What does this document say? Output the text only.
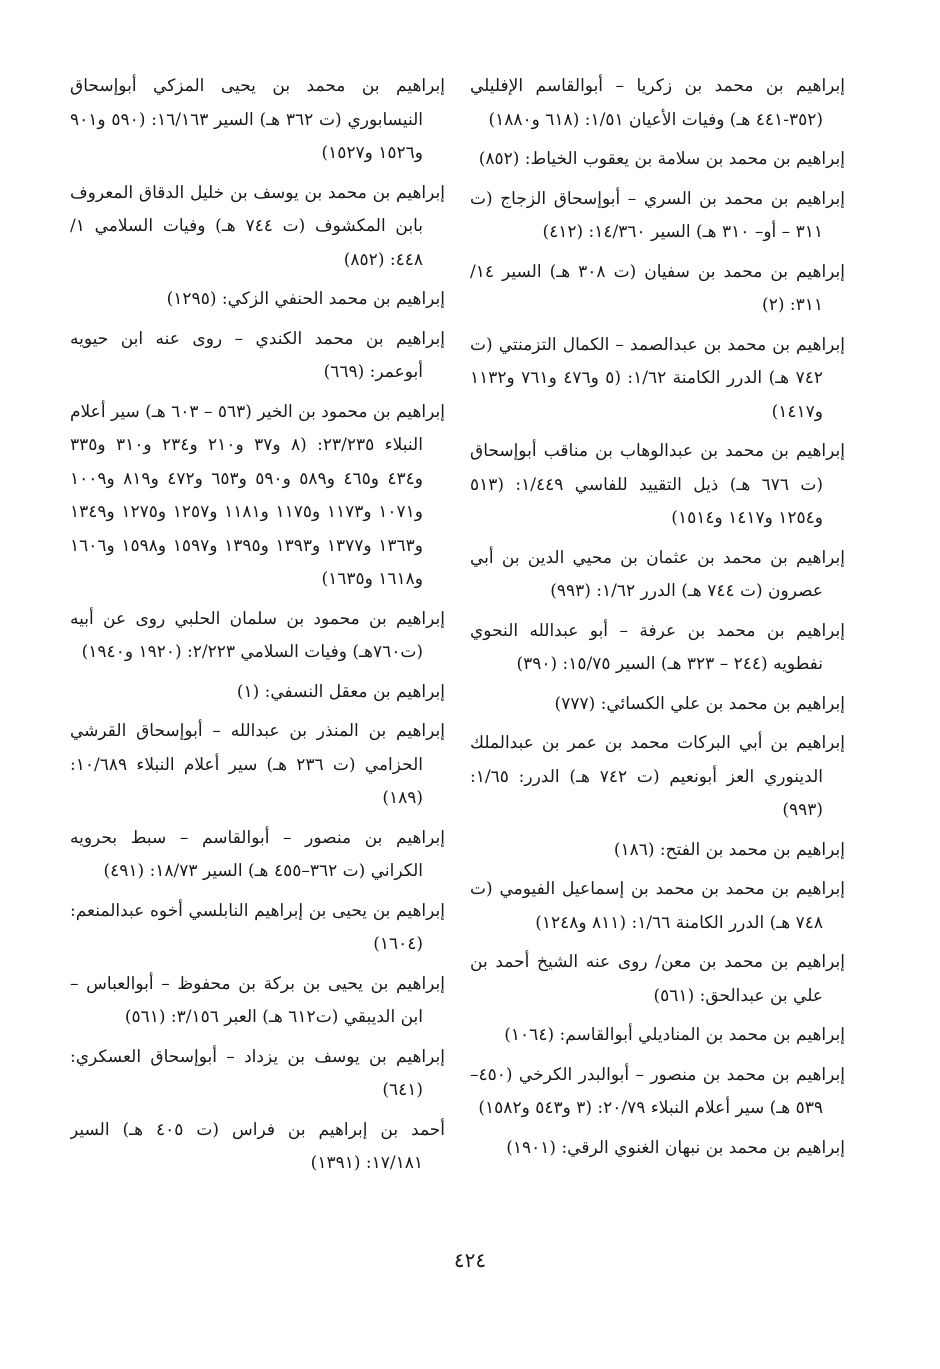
إبراهيم بن محمد بن زكريا – أبوالقاسم الإفليلي (٣٥٢-٤٤١ هـ) وفيات الأعيان ١/٥١: (٦١٨ و١٨٨٠)

إبراهيم بن محمد بن سلامة بن يعقوب الخياط: (٨٥٢)

إبراهيم بن محمد بن السري – أبوإسحاق الزجاج (ت ٣١١ – أو– ٣١٠ هـ) السير ١٤/٣٦٠: (٤١٢)

إبراهيم بن محمد بن سفيان (ت ٣٠٨ هـ) السير ١٤/ ٣١١: (٢)

إبراهيم بن محمد بن عبدالصمد – الكمال التزمنتي (ت ٧٤٢ هـ) الدرر الكامنة ١/٦٢: (٥ و٤٧٦ و٧٦١ و١١٣٢ و١٤١٧)

إبراهيم بن محمد بن عبدالوهاب بن مناقب أبوإسحاق (ت ٦٧٦ هـ) ذيل التقييد للفاسي ١/٤٤٩: (٥١٣ و١٢٥٤ و١٤١٧ و١٥١٤)

إبراهيم بن محمد بن عثمان بن محيي الدين بن أبي عصرون (ت ٧٤٤ هـ) الدرر ١/٦٢: (٩٩٣)

إبراهيم بن محمد بن عرفة – أبو عبدالله النحوي نفطويه (٢٤٤ – ٣٢٣ هـ) السير ١٥/٧٥: (٣٩٠)

إبراهيم بن محمد بن علي الكسائي: (٧٧٧)

إبراهيم بن أبي البركات محمد بن عمر بن عبدالملك الدينوري العز أبونعيم (ت ٧٤٢ هـ) الدرر: ١/٦٥: (٩٩٣)

إبراهيم بن محمد بن الفتح: (١٨٦)

إبراهيم بن محمد بن محمد بن إسماعيل الفيومي (ت ٧٤٨ هـ) الدرر الكامنة ١/٦٦: (٨١١ و١٢٤٨)

إبراهيم بن محمد بن معن/ روى عنه الشيخ أحمد بن علي بن عبدالحق: (٥٦١)

إبراهيم بن محمد بن المناديلي أبوالقاسم: (١٠٦٤)

إبراهيم بن محمد بن منصور – أبوالبدر الكرخي (٤٥٠–٥٣٩ هـ) سير أعلام النبلاء ٢٠/٧٩: (٣ و٥٤٣ و١٥٨٢)

إبراهيم بن محمد بن نبهان الغنوي الرقي: (١٩٠١)

إبراهيم بن محمد بن يحيى المزكي أبوإسحاق النيسابوري (ت ٣٦٢ هـ) السير ١٦/١٦٣: (٥٩٠ و٩٠١ و١٥٢٦ و١٥٢٧)

إبراهيم بن محمد بن يوسف بن خليل الدقاق المعروف بابن المكشوف (ت ٧٤٤ هـ) وفيات السلامي ١/ ٤٤٨: (٨٥٢)

إبراهيم بن محمد الحنفي الزكي: (١٢٩٥)

إبراهيم بن محمد الكندي – روى عنه ابن حيويه أبوعمر: (٦٦٩)

إبراهيم بن محمود بن الخير (٥٦٣ – ٦٠٣ هـ) سير أعلام النبلاء ٢٣/٢٣٥: (٨ و٣٧ و٢١٠ و٢٣٤ و٣١٠ و٣٣٥ و٤٣٤ و٤٦٥ و٥٨٩ و٥٩٠ و٦٥٣ و٤٧٢ و٨١٩ و١٠٠٩ و١٠٧١ و١١٧٣ و١١٧٥ و١١٨١ و١٢٥٧ و١٢٧٥ و١٣٤٩ و١٣٦٣ و١٣٧٧ و١٣٩٣ و١٣٩٥ و١٥٩٧ و١٥٩٨ و١٦٠٦ و١٦١٨ و١٦٣٥)

إبراهيم بن محمود بن سلمان الحلبي روى عن أبيه (ت٧٦٠هـ) وفيات السلامي ٢/٢٢٣: (١٩٢٠ و١٩٤٠)

إبراهيم بن معقل النسفي: (١)

إبراهيم بن المنذر بن عبدالله – أبوإسحاق القرشي الحزامي (ت ٢٣٦ هـ) سير أعلام النبلاء ١٠/٦٨٩: (١٨٩)

إبراهيم بن منصور – أبوالقاسم – سبط بحرويه الكراني (ت ٣٦٢–٤٥٥ هـ) السير ١٨/٧٣: (٤٩١)

إبراهيم بن يحيى بن إبراهيم النابلسي أخوه عبدالمنعم: (١٦٠٤)

إبراهيم بن يحيى بن بركة بن محفوظ – أبوالعباس – ابن الديبقي (ت٦١٢ هـ) العبر ٣/١٥٦: (٥٦١)

إبراهيم بن يوسف بن يزداد – أبوإسحاق العسكري: (٦٤١)

أحمد بن إبراهيم بن فراس (ت ٤٠٥ هـ) السير ١٧/١٨١: (١٣٩١)

٤٢٤
